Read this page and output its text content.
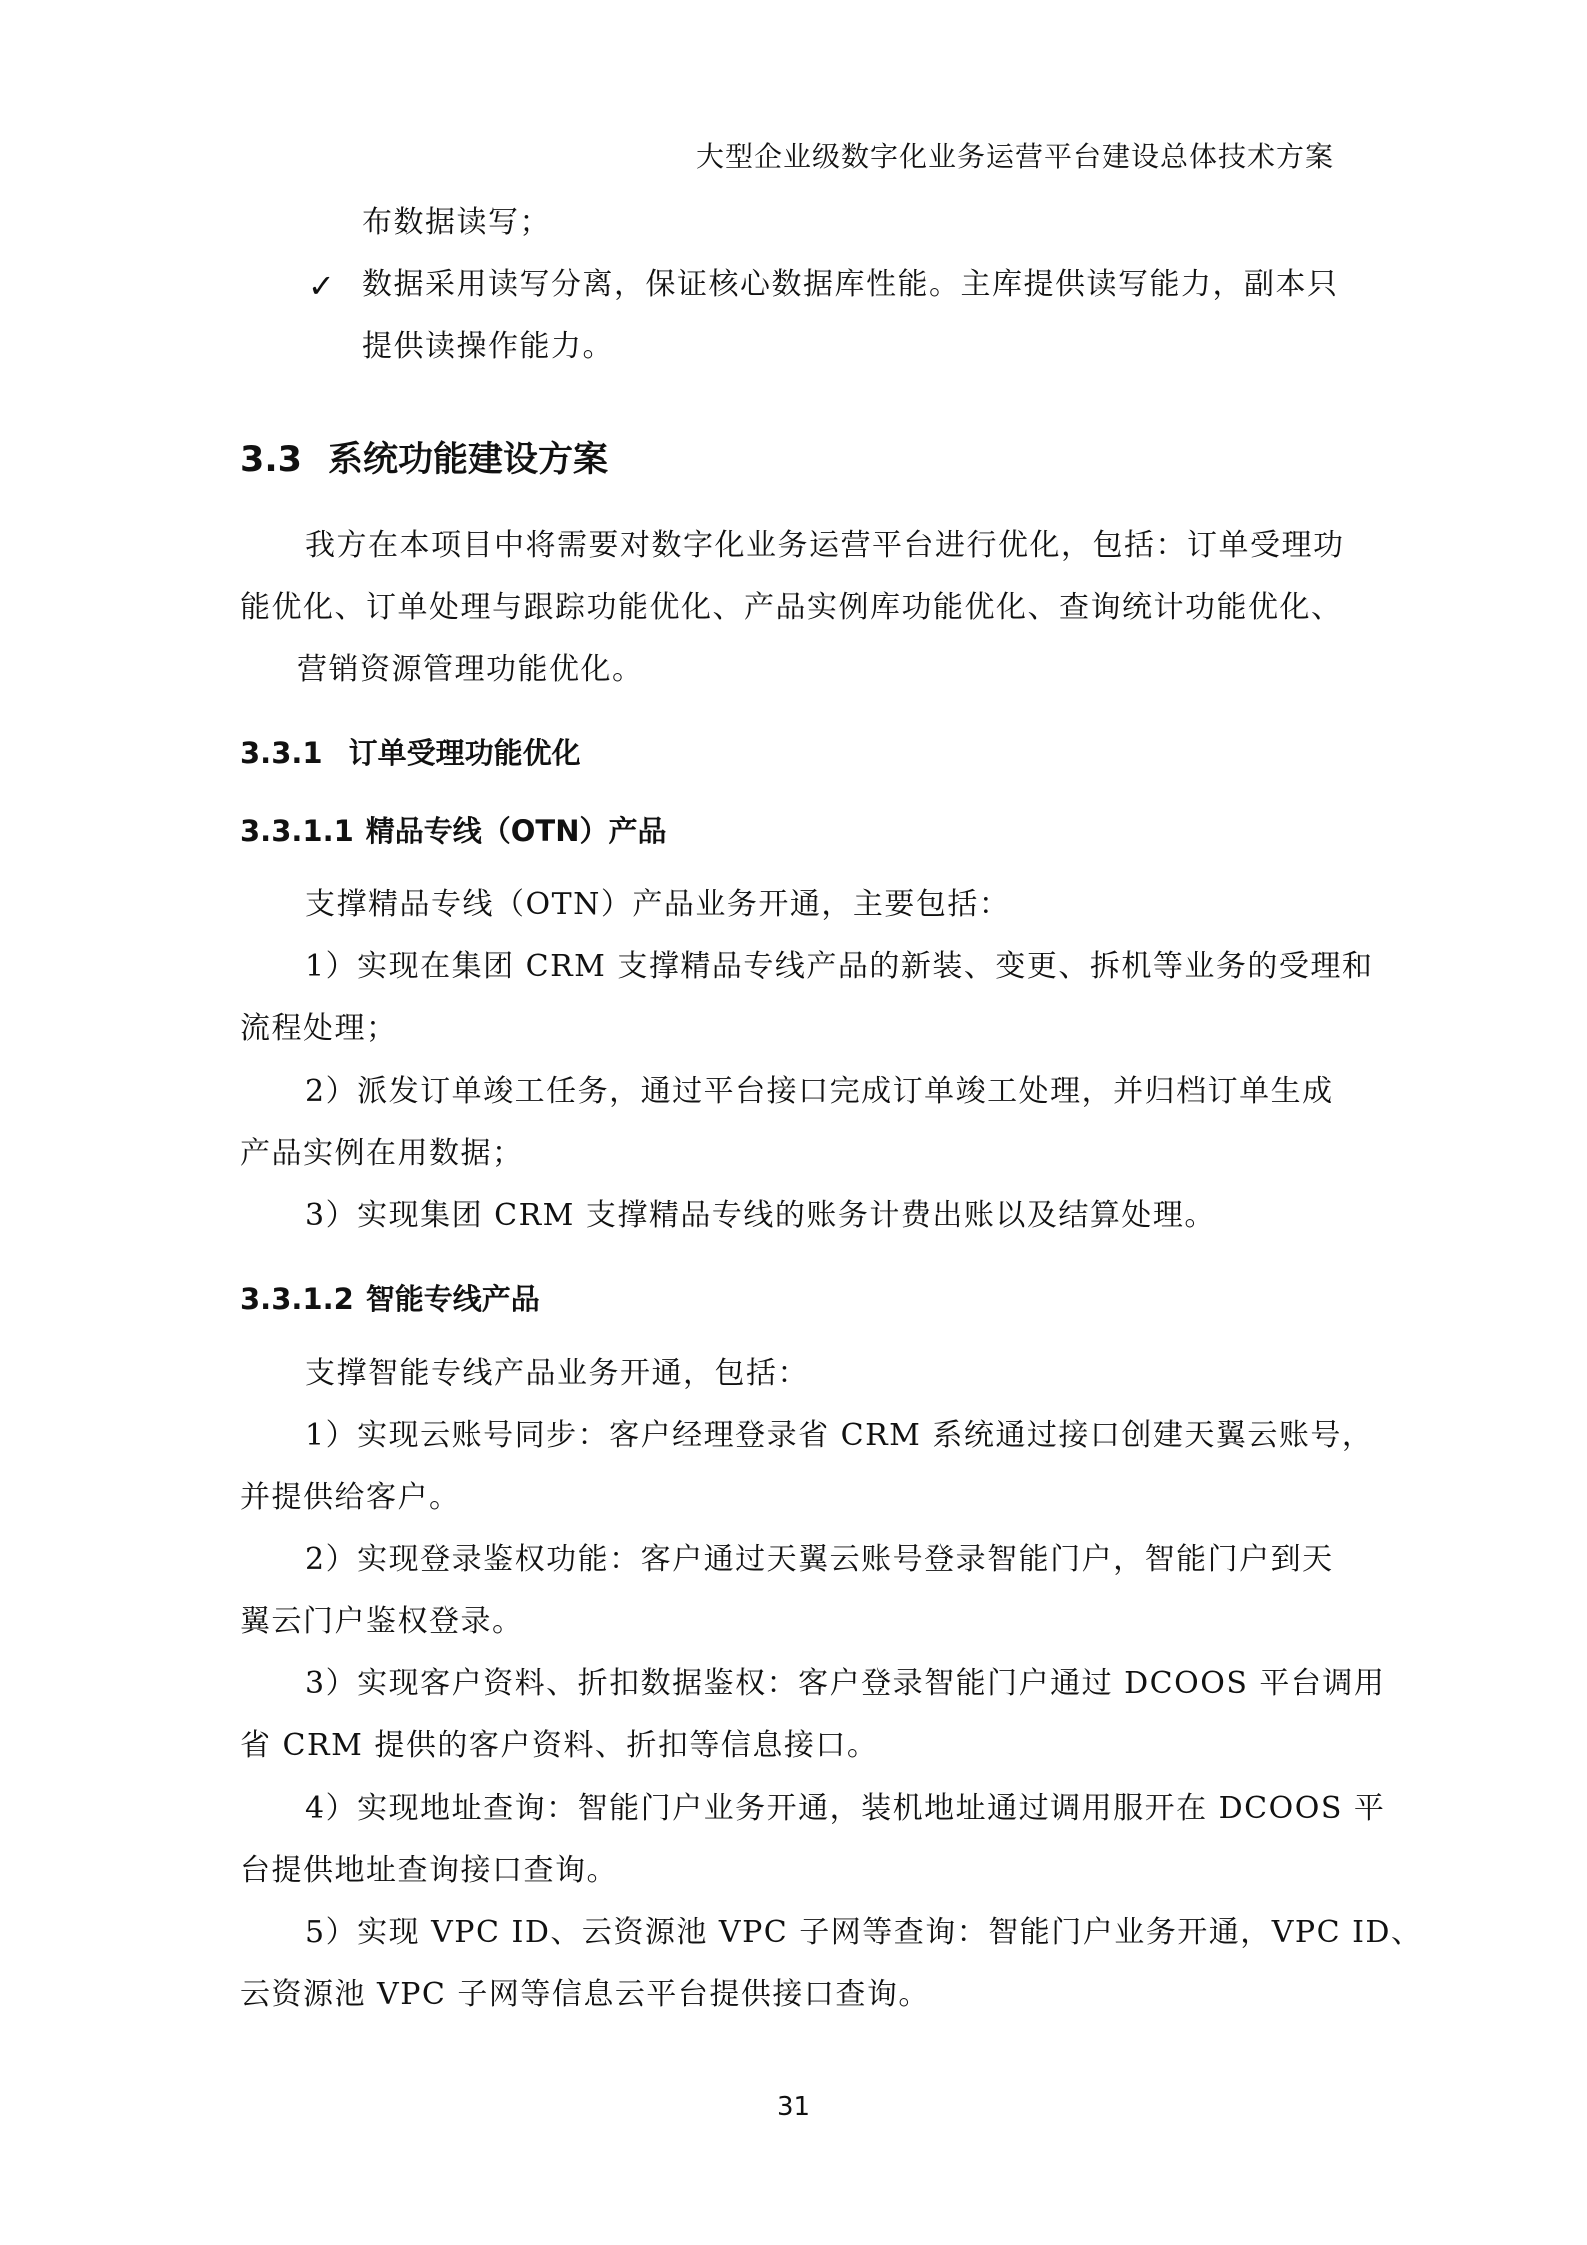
大型企业级数字化业务运营平台建设总体技术方案
布数据读写；
✓ 数据采用读写分离，保证核心数据库性能。主库提供读写能力，副本只
提供读操作能力。
3.3 系统功能建设方案
我方在本项目中将需要对数字化业务运营平台进行优化，包括：订单受理功
能优化、订单处理与跟踪功能优化、产品实例库功能优化、查询统计功能优化、
营销资源管理功能优化。
3.3.1 订单受理功能优化
3.3.1.1 精品专线（OTN）产品
支撑精品专线（OTN）产品业务开通，主要包括：
1）实现在集团 CRM 支撑精品专线产品的新装、变更、拆机等业务的受理和
流程处理；
2）派发订单竣工任务，通过平台接口完成订单竣工处理，并归档订单生成
产品实例在用数据；
3）实现集团 CRM 支撑精品专线的账务计费出账以及结算处理。
3.3.1.2 智能专线产品
支撑智能专线产品业务开通，包括：
1）实现云账号同步：客户经理登录省 CRM 系统通过接口创建天翼云账号，
并提供给客户。
2）实现登录鉴权功能：客户通过天翼云账号登录智能门户，智能门户到天
翼云门户鉴权登录。
3）实现客户资料、折扣数据鉴权：客户登录智能门户通过 DCOOS 平台调用
省 CRM 提供的客户资料、折扣等信息接口。
4）实现地址查询：智能门户业务开通，装机地址通过调用服开在 DCOOS 平
台提供地址查询接口查询。
5）实现 VPC ID、云资源池 VPC 子网等查询：智能门户业务开通，VPC ID、
云资源池 VPC 子网等信息云平台提供接口查询。
31
